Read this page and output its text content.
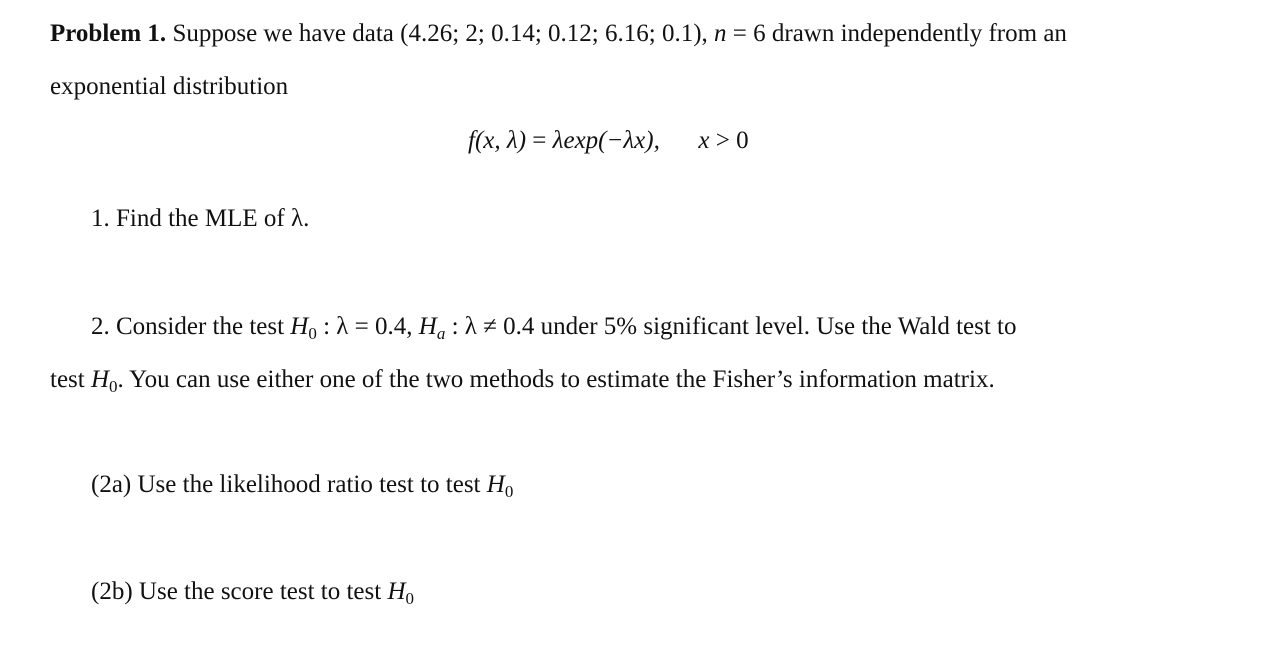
Problem 1. Suppose we have data (4.26; 2; 0.14; 0.12; 6.16; 0.1), n = 6 drawn independently from an
exponential distribution
f(x, λ) = λexp(−λx), x > 0
1. Find the MLE of λ.
2. Consider the test $H_0$ : λ = 0.4, $H_a$ : λ ≠ 0.4 under 5% significant level. Use the Wald test to
test $H_0$. You can use either one of the two methods to estimate the Fisher’s information matrix.
(2a) Use the likelihood ratio test to test $H_0$
(2b) Use the score test to test $H_0$
